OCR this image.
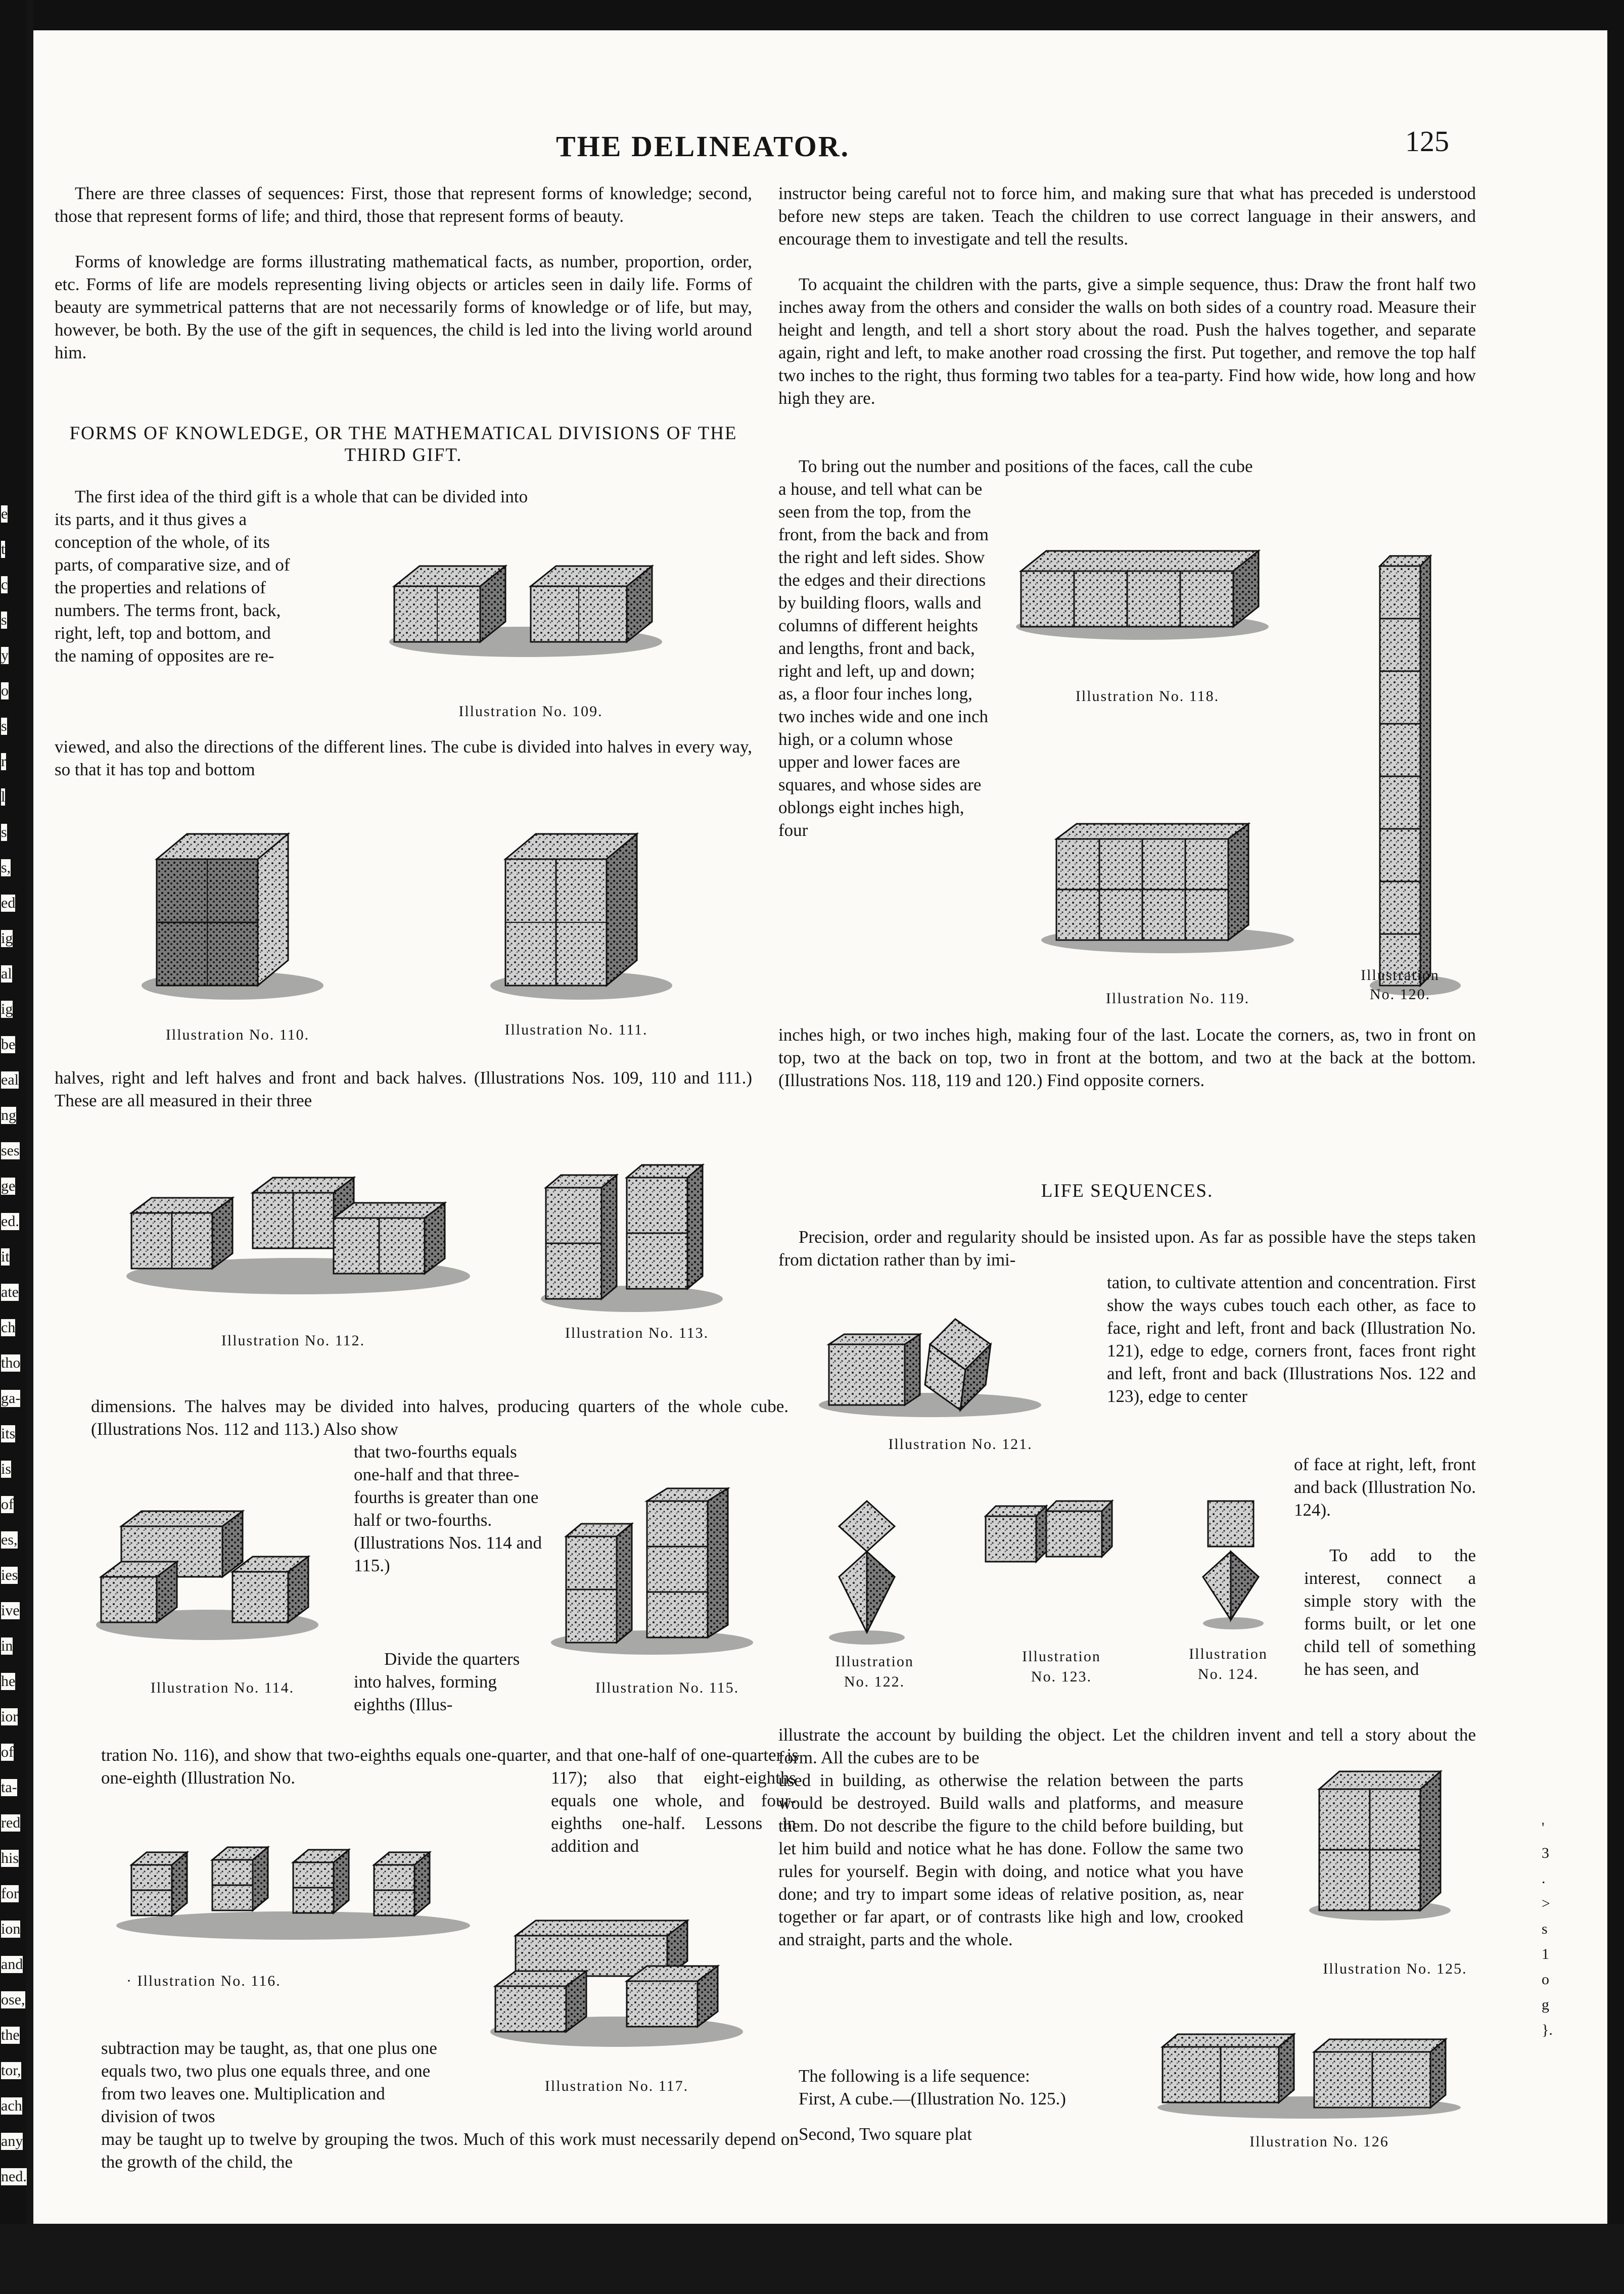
THE DELINEATOR.	125

There are three classes of sequences: First, those that represent forms of knowledge; second, those that represent forms of life; and third, those that represent forms of beauty.

Forms of knowledge are forms illustrating mathematical facts, as number, proportion, order, etc. Forms of life are models representing living objects or articles seen in daily life. Forms of beauty are symmetrical patterns that are not necessarily forms of knowledge or of life, but may, however, be both. By the use of the gift in sequences, the child is led into the living world around him.

FORMS OF KNOWLEDGE, OR THE MATHEMATICAL DIVISIONS OF THE THIRD GIFT.

The first idea of the third gift is a whole that can be divided into

its parts, and it thus gives a conception of the whole, of its parts, of comparative size, and of the properties and relations of numbers. The terms front, back, right, left, top and bottom, and the naming of opposites are re-

viewed, and also the directions of the different lines. The cube is divided into halves in every way, so that it has top and bottom

Illustration No. 109.

Illustration No. 110.	Illustration No. 111.

halves, right and left halves and front and back halves. (Illustrations Nos. 109, 110 and 111.) These are all measured in their three

Illustration No. 112.	Illustration No. 113.

dimensions. The halves may be divided into halves, producing quarters of the whole cube. (Illustrations Nos. 112 and 113.) Also show

that two-fourths equals one-half and that three-fourths is greater than one half or two-fourths. (Illustrations Nos. 114 and 115.)

Divide the quarters into halves, forming eighths (Illus-

Illustration No. 114.	Illustration No. 115.

tration No. 116), and show that two-eighths equals one-quarter, and that one-half of one-quarter is one-eighth (Illustration No.	117); also that eight-eighths equals one whole, and four-eighths one-half. Lessons in addition and

· Illustration No. 116.

Illustration No. 117.

subtraction may be taught, as, that one plus one equals two, two plus one equals three, and one from two leaves one. Multiplication and division of twos

may be taught up to twelve by grouping the twos. Much of this work must necessarily depend on the growth of the child, the

instructor being careful not to force him, and making sure that what has preceded is understood before new steps are taken. Teach the children to use correct language in their answers, and encourage them to investigate and tell the results.

To acquaint the children with the parts, give a simple sequence, thus: Draw the front half two inches away from the others and consider the walls on both sides of a country road. Measure their height and length, and tell a short story about the road. Push the halves together, and separate again, right and left, to make another road crossing the first. Put together, and remove the top half two inches to the right, thus forming two tables for a tea-party. Find how wide, how long and how high they are.

To bring out the number and positions of the faces, call the cube

a house, and tell what can be seen from the top, from the front, from the back and from the right and left sides. Show the edges and their directions by building floors, walls and columns of different heights and lengths, front and back, right and left, up and down; as, a floor four inches long, two inches wide and one inch high, or a column whose upper and lower faces are squares, and whose sides are oblongs eight inches high, four

inches high, or two inches high, making four of the last. Locate the corners, as, two in front on top, two at the back on top, two in front at the bottom, and two at the back at the bottom. (Illustrations Nos. 118, 119 and 120.) Find opposite corners.

Illustration No. 118.

Illustration No. 119.

Illustration

No. 120.

LIFE SEQUENCES.

Precision, order and regularity should be insisted upon. As far as possible have the steps taken from dictation rather than by imi-

tation, to cultivate attention and concentration. First show the ways cubes touch each other, as face to face, right and left, front and back (Illustration No. 121), edge to edge, corners front, faces front right and left, front and back (Illustrations Nos. 122 and 123), edge to center

of face at right, left, front and back (Illustration No. 124).

To add to the interest, connect a simple story with the forms built, or let one child tell of something he has seen, and

Illustration No. 121.

Illustration

No. 122.

Illustration

No. 123.

Illustration

No. 124.

illustrate the account by building the object. Let the children invent and tell a story about the form. All the cubes are to be

used in building, as otherwise the relation between the parts would be destroyed. Build walls and platforms, and measure them. Do not describe the figure to the child before building, but let him build and notice what he has done. Follow the same two rules for yourself. Begin with doing, and notice what you have done; and try to impart some ideas of relative position, as, near together or far apart, or of contrasts like high and low, crooked and straight, parts and the whole.

The following is a life sequence:

First, A cube.—(Illustration No. 125.)

Second, Two square plat

Illustration No. 125.

Illustration No. 126

e
t
c
s
y
o
s
r
l
s
s,
ed
ig
al
ig
be
eal
ng
ses
ge
ed.
it
ate
ch
tho
ga-
its
is
of
es,
ies
ive
in
he
ior
of
ta-
red
his
for
ion
and
ose,
the
tor,
ach
any
ned.
'
3
.
>
s
1
o
g
}.
